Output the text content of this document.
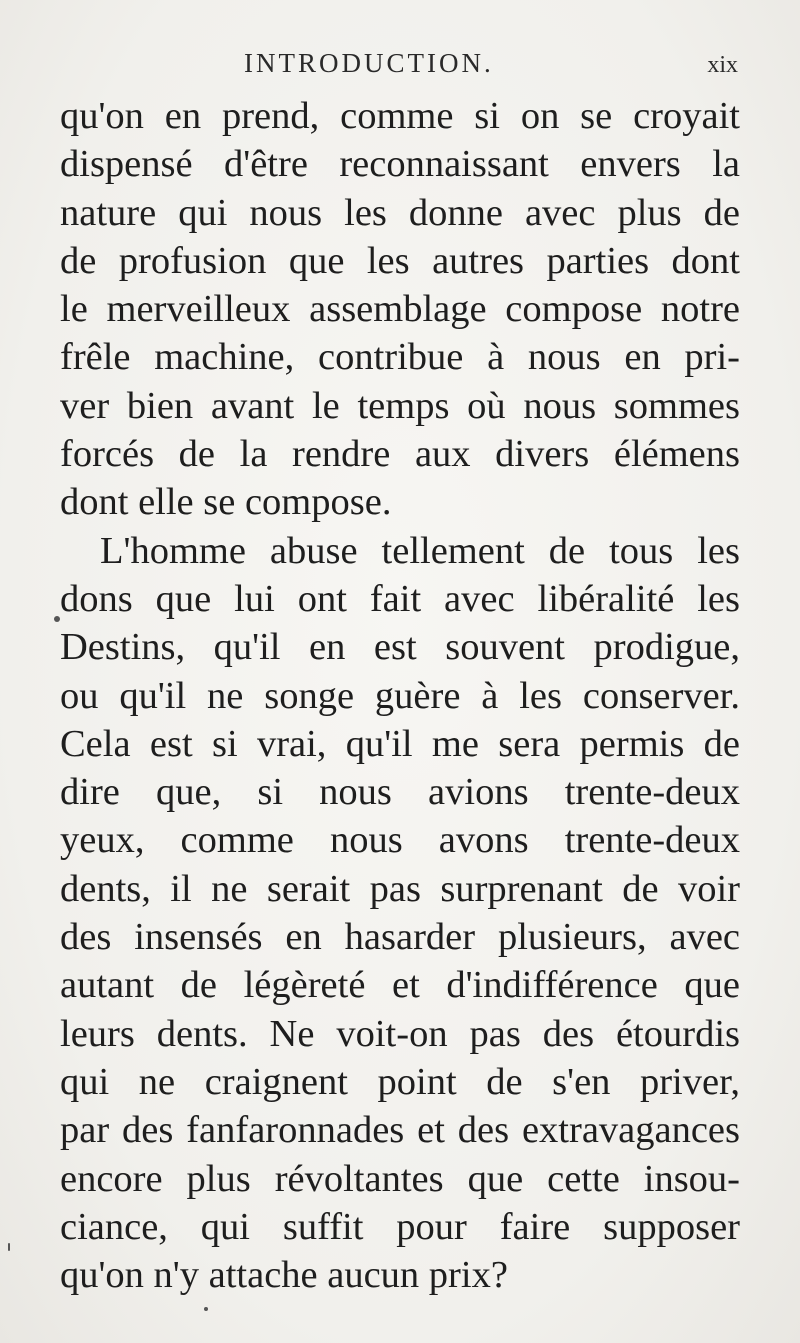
INTRODUCTION.	xix
qu'on en prend, comme si on se croyait
dispensé d'être reconnaissant envers la
nature qui nous les donne avec plus de
de profusion que les autres parties dont
le merveilleux assemblage compose notre
frêle machine, contribue à nous en pri-
ver bien avant le temps où nous sommes
forcés de la rendre aux divers élémens
dont elle se compose.
L'homme abuse tellement de tous les
dons que lui ont fait avec libéralité les
Destins, qu'il en est souvent prodigue,
ou qu'il ne songe guère à les conserver.
Cela est si vrai, qu'il me sera permis de
dire que, si nous avions trente-deux
yeux, comme nous avons trente-deux
dents, il ne serait pas surprenant de voir
des insensés en hasarder plusieurs, avec
autant de légèreté et d'indifférence que
leurs dents. Ne voit-on pas des étourdis
qui ne craignent point de s'en priver,
par des fanfaronnades et des extravagances
encore plus révoltantes que cette insou-
ciance, qui suffit pour faire supposer
qu'on n'y attache aucun prix?
